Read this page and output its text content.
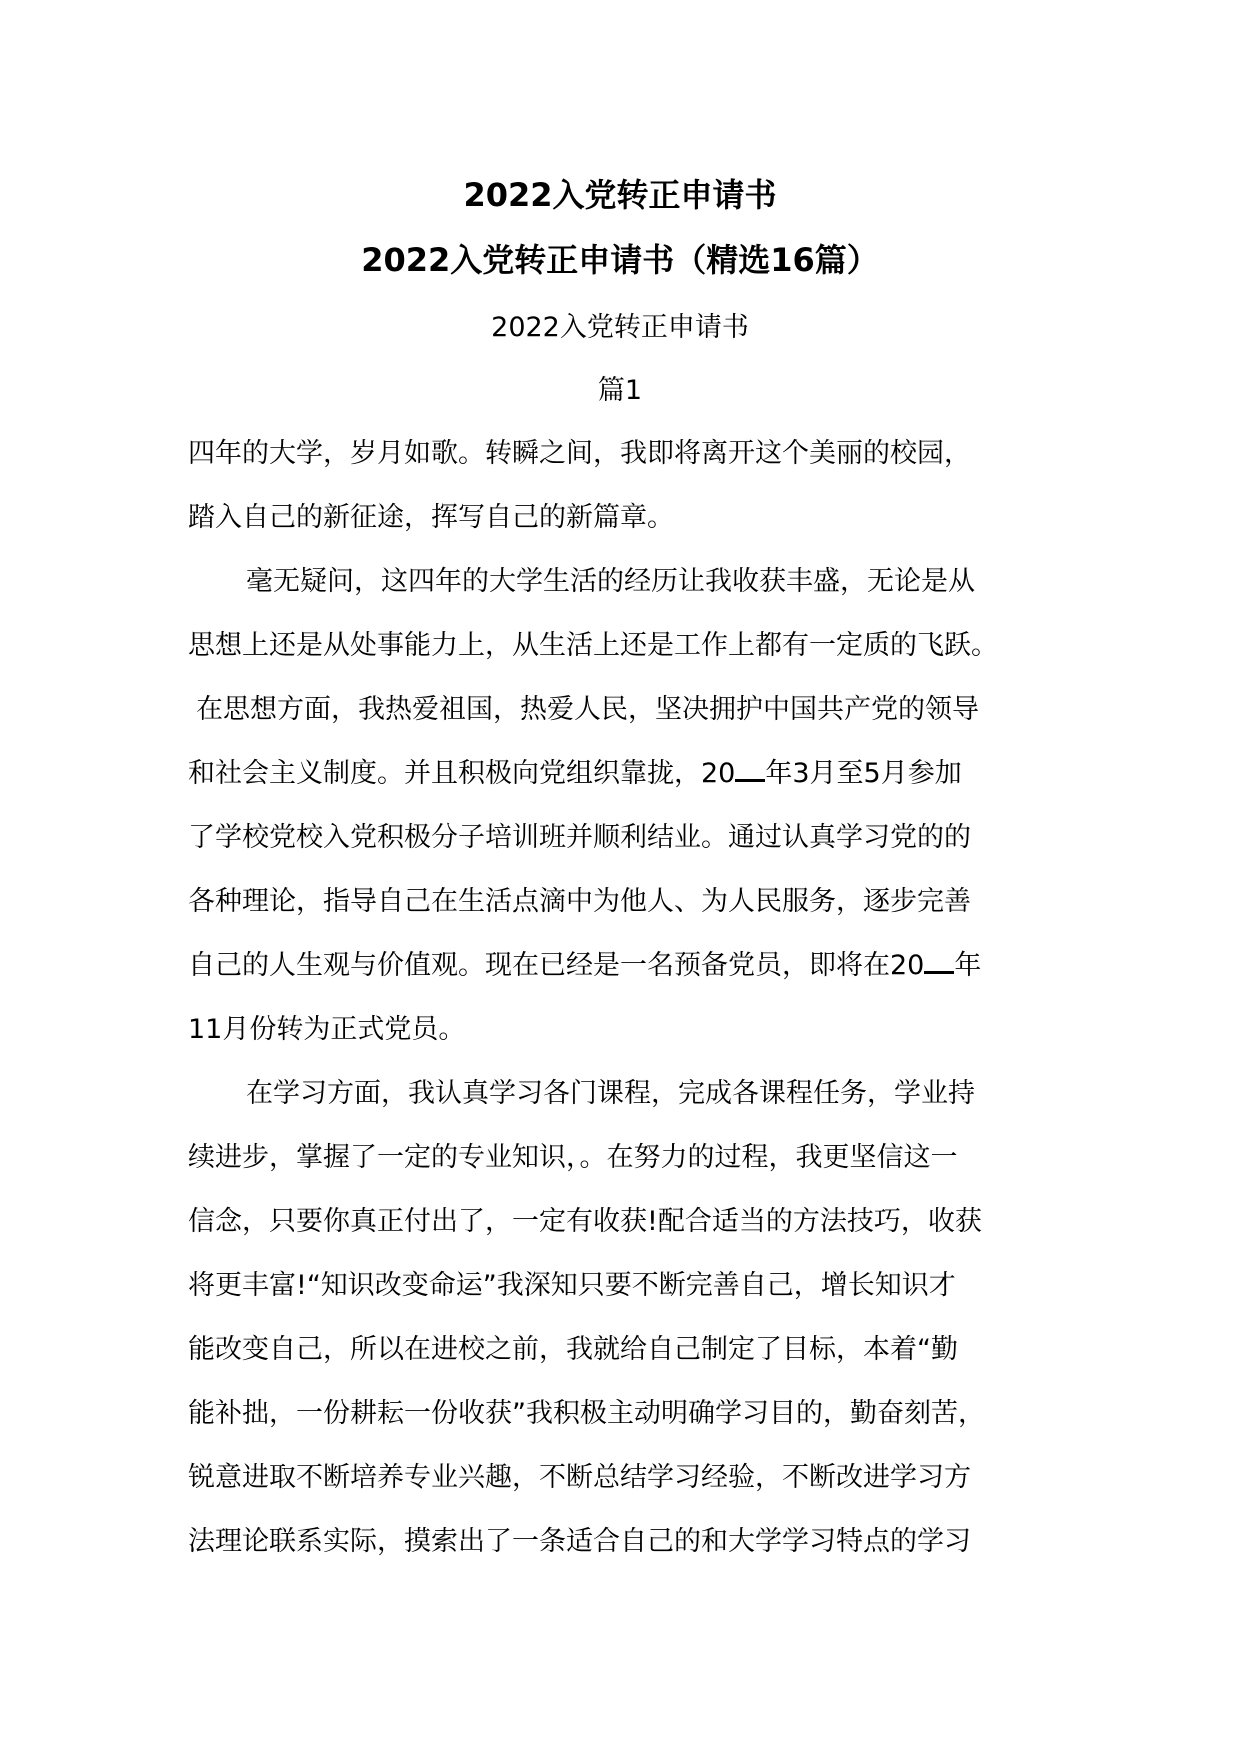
2022入党转正申请书
2022入党转正申请书（精选16篇）
2022入党转正申请书
篇1
四年的大学，岁月如歌。转瞬之间，我即将离开这个美丽的校园，
踏入自己的新征途，挥写自己的新篇章。
毫无疑问，这四年的大学生活的经历让我收获丰盛，无论是从
思想上还是从处事能力上，从生活上还是工作上都有一定质的飞跃。
在思想方面，我热爱祖国，热爱人民，坚决拥护中国共产党的领导
和社会主义制度。并且积极向党组织靠拢，20 年3月至5月参加
了学校党校入党积极分子培训班并顺利结业。通过认真学习党的的
各种理论，指导自己在生活点滴中为他人、为人民服务，逐步完善
自己的人生观与价值观。现在已经是一名预备党员，即将在20 年
11月份转为正式党员。
在学习方面，我认真学习各门课程，完成各课程任务，学业持
续进步，掌握了一定的专业知识，。在努力的过程，我更坚信这一
信念，只要你真正付出了，一定有收获!配合适当的方法技巧，收获
将更丰富!“知识改变命运”我深知只要不断完善自己，增长知识才
能改变自己，所以在进校之前，我就给自己制定了目标，本着“勤
能补拙，一份耕耘一份收获”我积极主动明确学习目的，勤奋刻苦，
锐意进取不断培养专业兴趣，不断总结学习经验，不断改进学习方
法理论联系实际，摸索出了一条适合自己的和大学学习特点的学习
